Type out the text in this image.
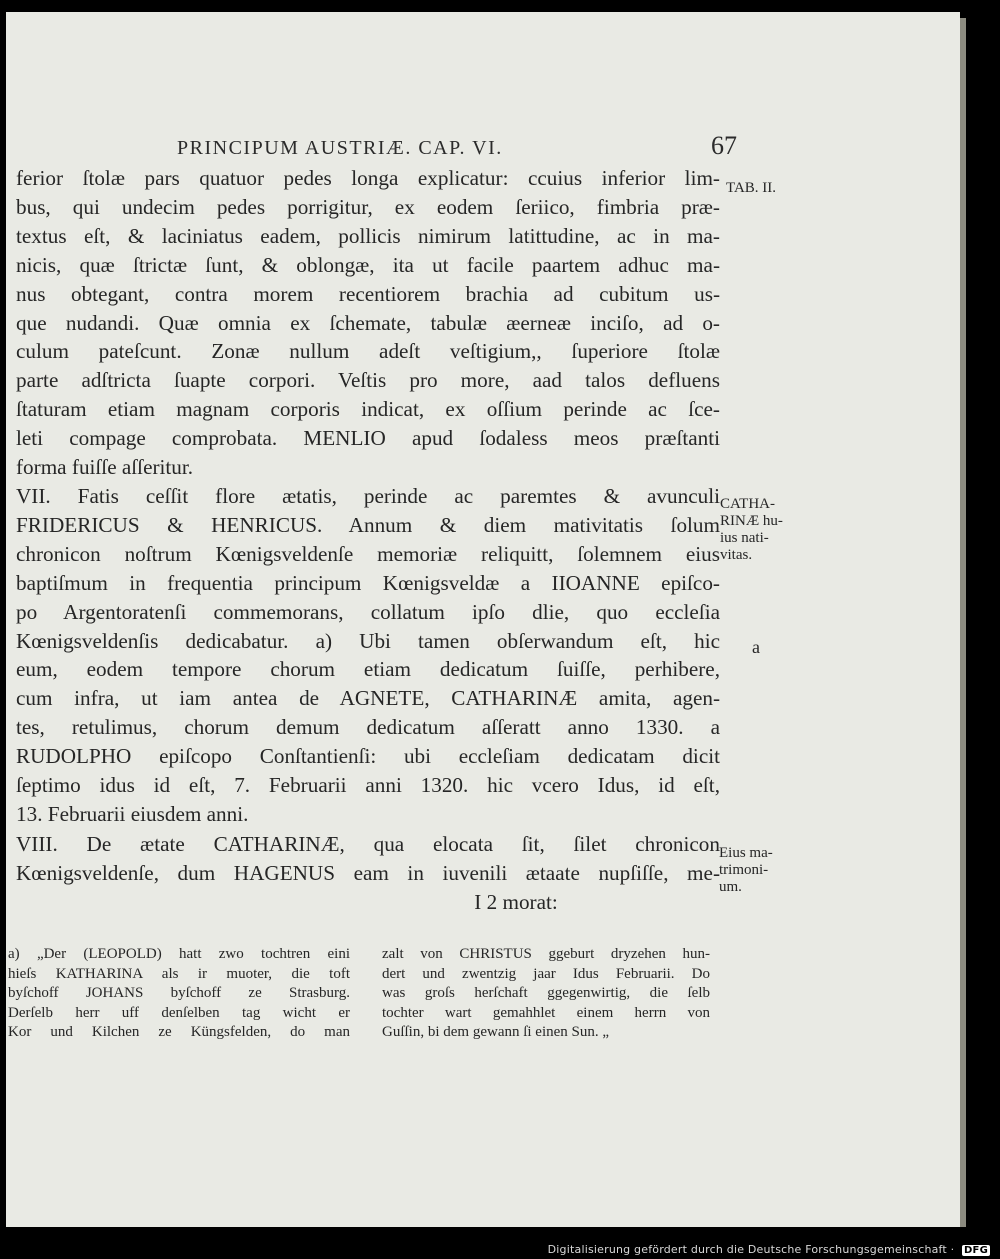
PRINCIPUM AUSTRIÆ. CAP. VI.	67
ferior ſtolæ pars quatuor pedes longa explicatur: ccuius inferior lim-
bus, qui undecim pedes porrigitur, ex eodem ſeriico, fimbria præ-
textus eſt, & laciniatus eadem, pollicis nimirum latittudine, ac in ma-
nicis, quæ ſtrictæ ſunt, & oblongæ, ita ut facile paartem adhuc ma-
nus obtegant, contra morem recentiorem brachia ad cubitum us-
que nudandi. Quæ omnia ex ſchemate, tabulæ æerneæ inciſo, ad o-
culum pateſcunt. Zonæ nullum adeſt veſtigium,, ſuperiore ſtolæ
parte adſtricta ſuapte corpori. Veſtis pro more, aad talos defluens
ſtaturam etiam magnam corporis indicat, ex oſſium perinde ac ſce-
leti compage comprobata. MENLIO apud ſodaless meos præſtanti
forma fuiſſe aſſeritur.
VII. Fatis ceſſit flore ætatis, perinde ac paremtes & avunculi
FRIDERICUS & HENRICUS. Annum & diem mativitatis ſolum
chronicon noſtrum Kœnigsveldenſe memoriæ reliquitt, ſolemnem eius
baptiſmum in frequentia principum Kœnigsveldæ a IIOANNE epiſco-
po Argentoratenſi commemorans, collatum ipſo dlie, quo eccleſia
Kœnigsveldenſis dedicabatur. a) Ubi tamen obſerwandum eſt, hic
eum, eodem tempore chorum etiam dedicatum ſuiſſe, perhibere,
cum infra, ut iam antea de AGNETE, CATHARINÆ amita, agen-
tes, retulimus, chorum demum dedicatum aſſeratt anno 1330. a
RUDOLPHO epiſcopo Conſtantienſi: ubi eccleſiam dedicatam dicit
ſeptimo idus id eſt, 7. Februarii anni 1320. hic vcero Idus, id eſt,
13. Februarii eiusdem anni.
VIII. De ætate CATHARINÆ, qua elocata ſit, ſilet chronicon
Kœnigsveldenſe, dum HAGENUS eam in iuvenili ætaate nupſiſſe, me-
I 2 morat:
TAB. II.
CATHA-
RINÆ hu-
ius nati-
vitas.
a
Eius ma-
trimoni-
um.
a) „Der (LEOPOLD) hatt zwo tochtren eini
hieſs KATHARINA als ir muoter, die toft
byſchoff JOHANS byſchoff ze Strasburg.
Derſelb herr uff denſelben tag wicht er
Kor und Kilchen ze Küngsfelden, do man
zalt von CHRISTUS ggeburt dryzehen hun-
dert und zwentzig jaar Idus Februarii. Do
was groſs herſchaft ggegenwirtig, die ſelb
tochter wart gemahhlet einem herrn von
Guſſin, bi dem gewann ſi einen Sun. „
Digitalisierung gefördert durch die Deutsche Forschungsgemeinschaft · DFG
